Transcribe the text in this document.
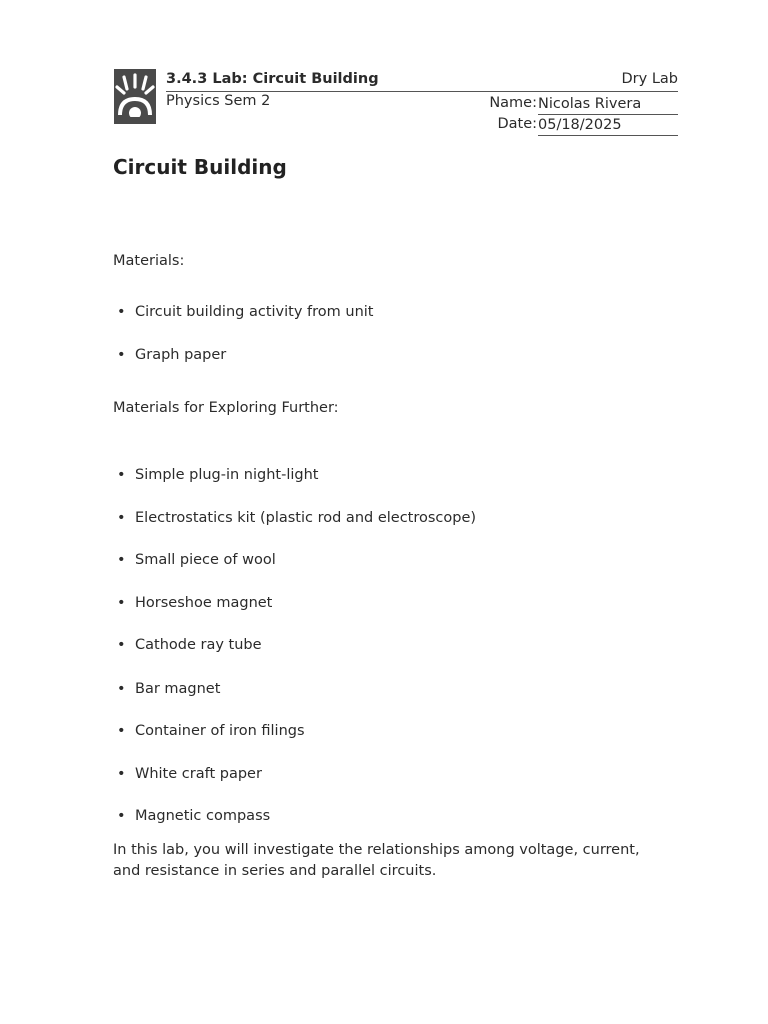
3.4.3 Lab: Circuit Building	Dry Lab
Physics Sem 2	Name: Nicolas Rivera
Date: 05/18/2025
Circuit Building

Materials:

• Circuit building activity from unit
• Graph paper

Materials for Exploring Further:

• Simple plug-in night-light
• Electrostatics kit (plastic rod and electroscope)
• Small piece of wool
• Horseshoe magnet
• Cathode ray tube
• Bar magnet
• Container of iron filings
• White craft paper
• Magnetic compass

In this lab, you will investigate the relationships among voltage, current,
and resistance in series and parallel circuits.
